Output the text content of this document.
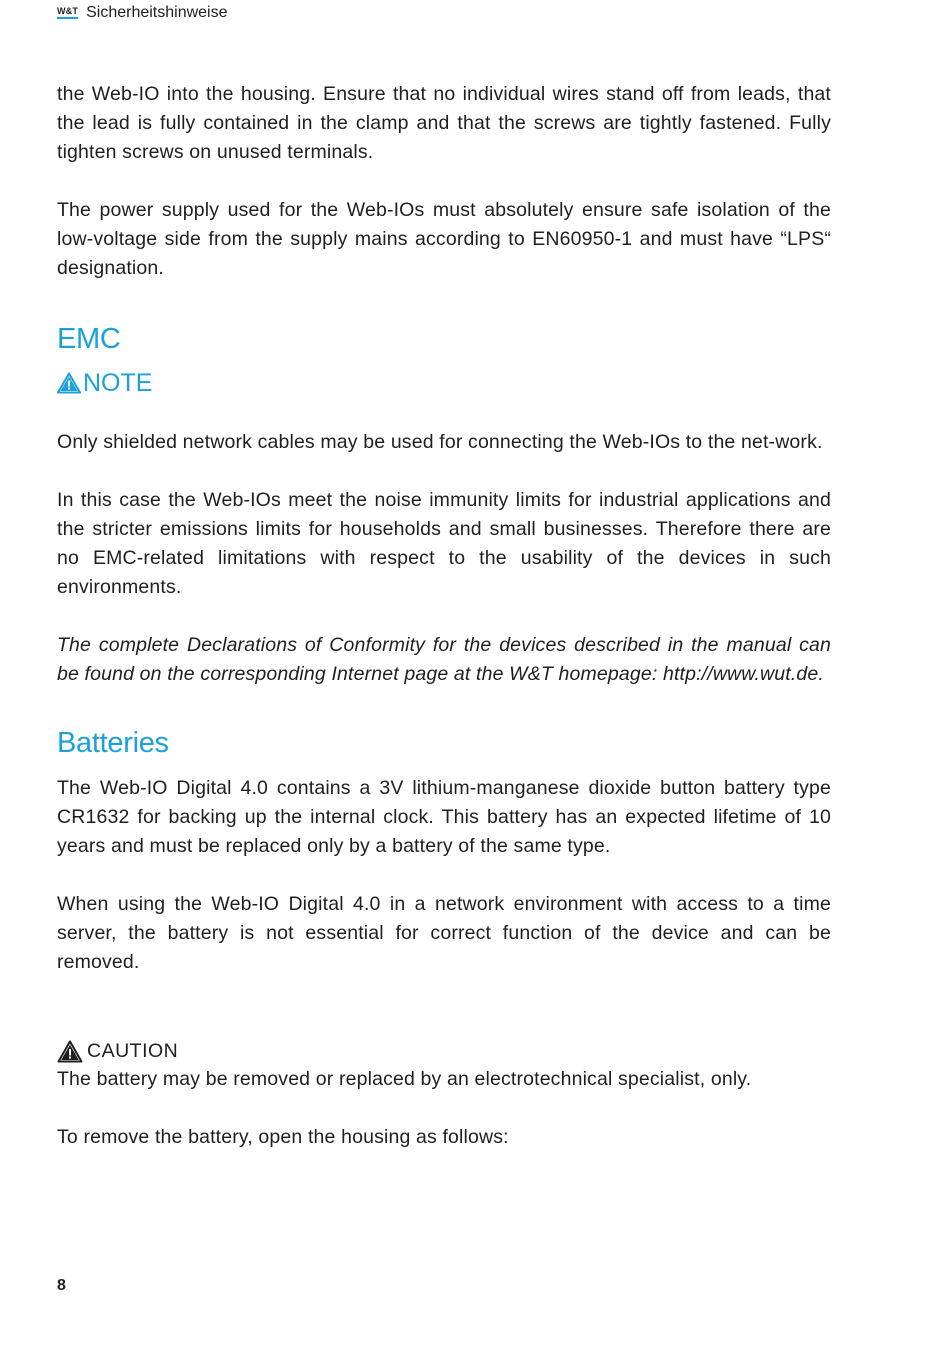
W&T Sicherheitshinweise

the Web-IO into the housing. Ensure that no individual wires stand off from leads, that the lead is fully contained in the clamp and that the screws are tightly fastened. Fully tighten screws on unused terminals.

The power supply used for the Web-IOs must absolutely ensure safe isolation of the low-voltage side from the supply mains according to EN60950-1 and must have “LPS“ designation.

EMC
NOTE

Only shielded network cables may be used for connecting the Web-IOs to the net-work.

In this case the Web-IOs meet the noise immunity limits for industrial applications and the stricter emissions limits for households and small businesses. Therefore there are no EMC-related limitations with respect to the usability of the devices in such environments.

The complete Declarations of Conformity for the devices described in the manual can be found on the corresponding Internet page at the W&T homepage: http://www.wut.de.

Batteries

The Web-IO Digital 4.0 contains a 3V lithium-manganese dioxide button battery type CR1632 for backing up the internal clock. This battery has an expected lifetime of 10 years and must be replaced only by a battery of the same type.

When using the Web-IO Digital 4.0 in a network environment with access to a time server, the battery is not essential for correct function of the device and can be removed.

CAUTION

The battery may be removed or replaced by an electrotechnical specialist, only.

To remove the battery, open the housing as follows:

8
